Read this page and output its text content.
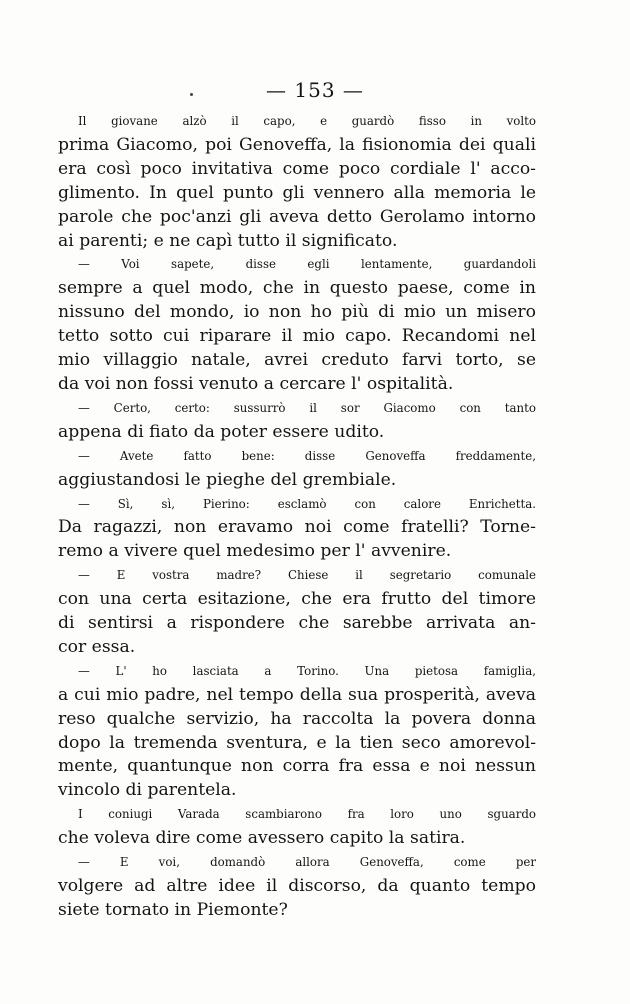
— 153 —
Il giovane alzò il capo, e guardò fisso in volto
prima Giacomo, poi Genoveffa, la fisionomia dei quali
era così poco invitativa come poco cordiale l' acco-
glimento. In quel punto gli vennero alla memoria le
parole che poc'anzi gli aveva detto Gerolamo intorno
ai parenti; e ne capì tutto il significato.
— Voi sapete, disse egli lentamente, guardandoli
sempre a quel modo, che in questo paese, come in
nissuno del mondo, io non ho più di mio un misero
tetto sotto cui riparare il mio capo. Recandomi nel
mio villaggio natale, avrei creduto farvi torto, se
da voi non fossi venuto a cercare l' ospitalità.
— Certo, certo: sussurrò il sor Giacomo con tanto
appena di fiato da poter essere udito.
— Avete fatto bene: disse Genoveffa freddamente,
aggiustandosi le pieghe del grembiale.
— Sì, sì, Pierino: esclamò con calore Enrichetta.
Da ragazzi, non eravamo noi come fratelli? Torne-
remo a vivere quel medesimo per l' avvenire.
— E vostra madre? Chiese il segretario comunale
con una certa esitazione, che era frutto del timore
di sentirsi a rispondere che sarebbe arrivata an-
cor essa.
— L' ho lasciata a Torino. Una pietosa famiglia,
a cui mio padre, nel tempo della sua prosperità, aveva
reso qualche servizio, ha raccolta la povera donna
dopo la tremenda sventura, e la tien seco amorevol-
mente, quantunque non corra fra essa e noi nessun
vincolo di parentela.
I coniugi Varada scambiarono fra loro uno sguardo
che voleva dire come avessero capito la satira.
— E voi, domandò allora Genoveffa, come per
volgere ad altre idee il discorso, da quanto tempo
siete tornato in Piemonte?
